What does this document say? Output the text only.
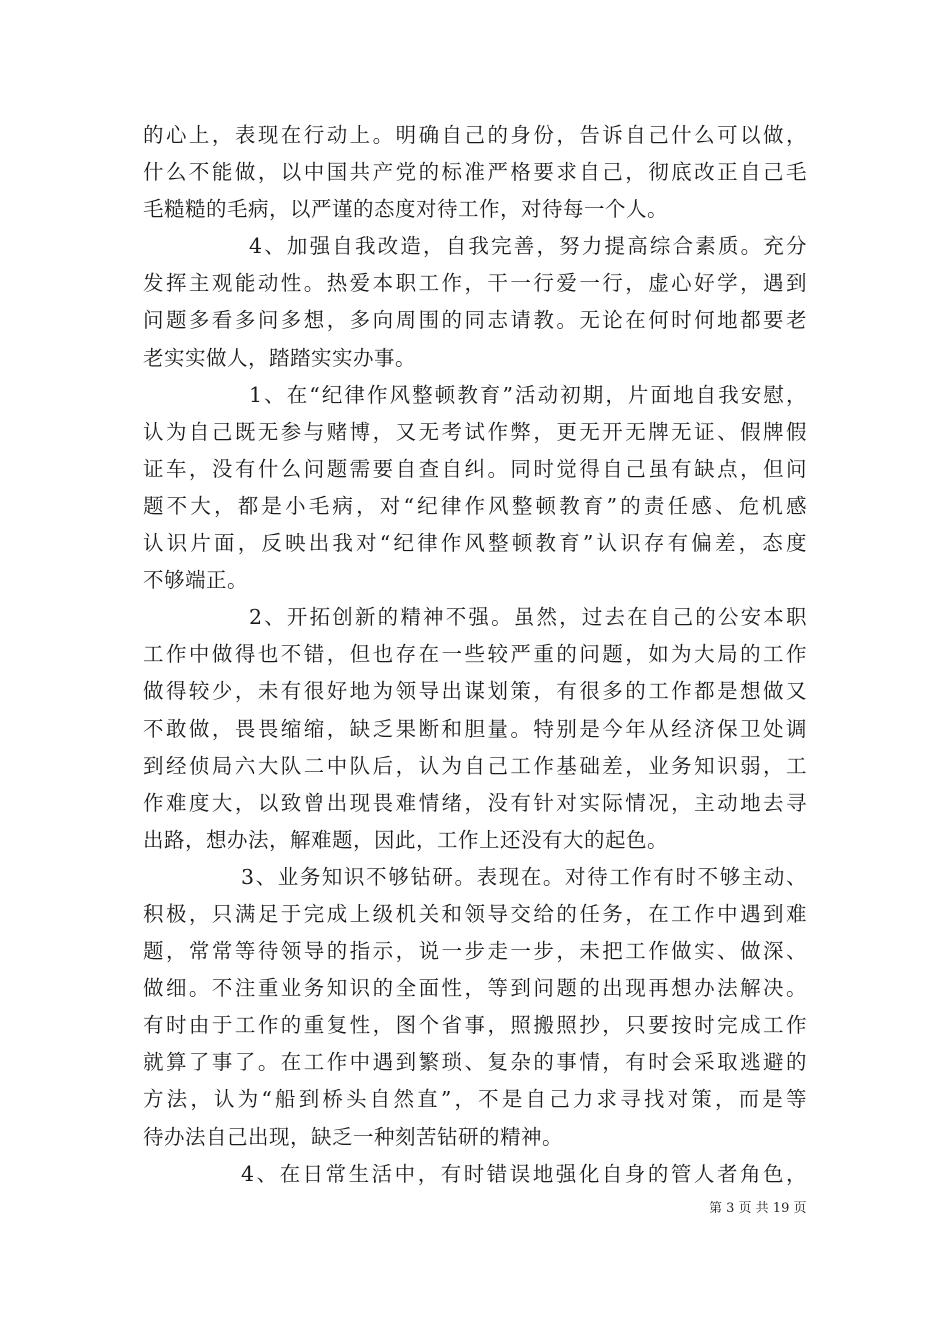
的心上，表现在行动上。明确自己的身份，告诉自己什么可以做，
什么不能做，以中国共产党的标准严格要求自己，彻底改正自己毛
毛糙糙的毛病，以严谨的态度对待工作，对待每一个人。
4、加强自我改造，自我完善，努力提高综合素质。充分
发挥主观能动性。热爱本职工作，干一行爱一行，虚心好学，遇到
问题多看多问多想，多向周围的同志请教。无论在何时何地都要老
老实实做人，踏踏实实办事。
1、在“纪律作风整顿教育”活动初期，片面地自我安慰，
认为自己既无参与赌博，又无考试作弊，更无开无牌无证、假牌假
证车，没有什么问题需要自查自纠。同时觉得自己虽有缺点，但问
题不大，都是小毛病，对“纪律作风整顿教育”的责任感、危机感
认识片面，反映出我对“纪律作风整顿教育”认识存有偏差，态度
不够端正。
2、开拓创新的精神不强。虽然，过去在自己的公安本职
工作中做得也不错，但也存在一些较严重的问题，如为大局的工作
做得较少，未有很好地为领导出谋划策，有很多的工作都是想做又
不敢做，畏畏缩缩，缺乏果断和胆量。特别是今年从经济保卫处调
到经侦局六大队二中队后，认为自己工作基础差，业务知识弱，工
作难度大，以致曾出现畏难情绪，没有针对实际情况，主动地去寻
出路，想办法，解难题，因此，工作上还没有大的起色。
3、业务知识不够钻研。表现在。对待工作有时不够主动、
积极，只满足于完成上级机关和领导交给的任务，在工作中遇到难
题，常常等待领导的指示，说一步走一步，未把工作做实、做深、
做细。不注重业务知识的全面性，等到问题的出现再想办法解决。
有时由于工作的重复性，图个省事，照搬照抄，只要按时完成工作
就算了事了。在工作中遇到繁琐、复杂的事情，有时会采取逃避的
方法，认为“船到桥头自然直”，不是自己力求寻找对策，而是等
待办法自己出现，缺乏一种刻苦钻研的精神。
4、在日常生活中，有时错误地强化自身的管人者角色，
第 3 页 共 19 页
